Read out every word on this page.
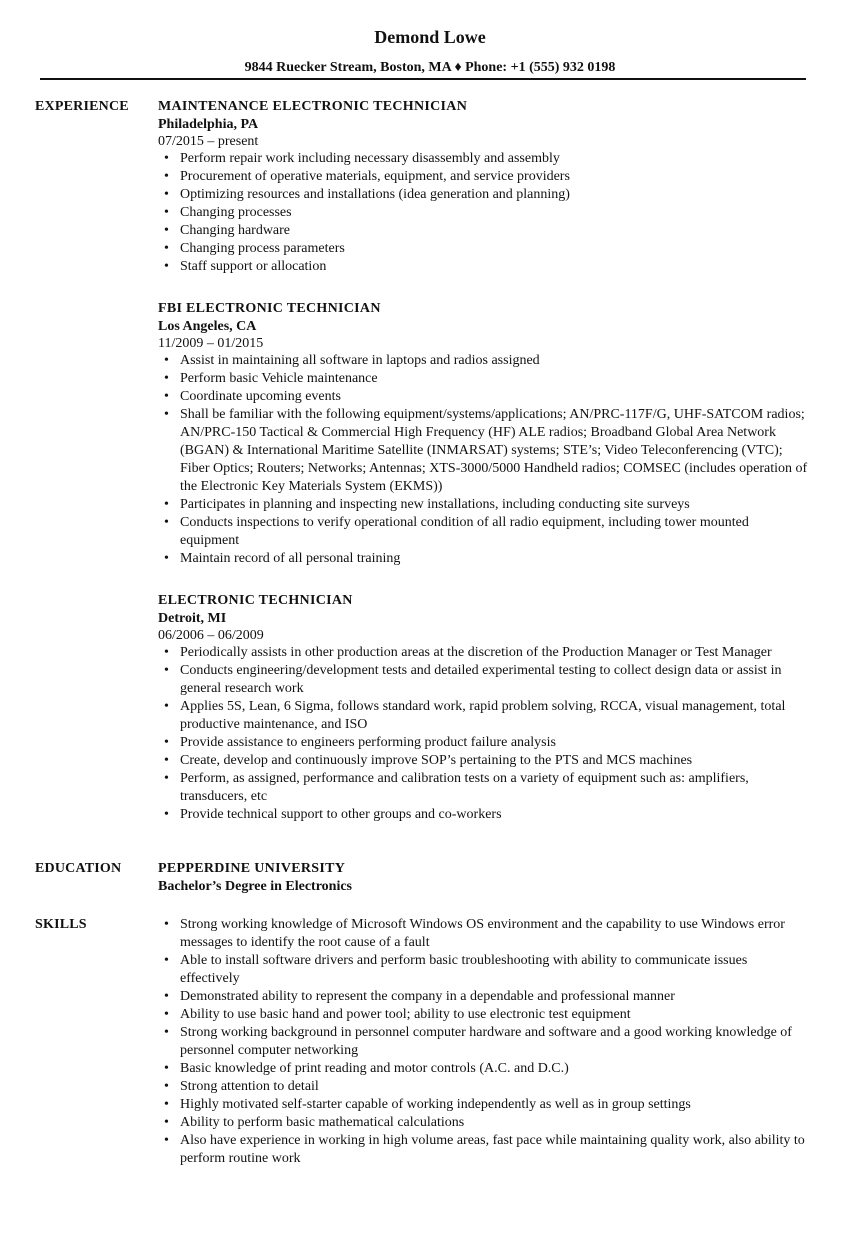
Demond Lowe
9844 Ruecker Stream, Boston, MA ♦ Phone: +1 (555) 932 0198
EXPERIENCE MAINTENANCE ELECTRONIC TECHNICIAN
Philadelphia, PA
07/2015 – present
• Perform repair work including necessary disassembly and assembly
• Procurement of operative materials, equipment, and service providers
• Optimizing resources and installations (idea generation and planning)
• Changing processes
• Changing hardware
• Changing process parameters
• Staff support or allocation
FBI ELECTRONIC TECHNICIAN
Los Angeles, CA
11/2009 – 01/2015
• Assist in maintaining all software in laptops and radios assigned
• Perform basic Vehicle maintenance
• Coordinate upcoming events
• Shall be familiar with the following equipment/systems/applications; AN/PRC-117F/G, UHF-SATCOM radios; AN/PRC-150 Tactical & Commercial High Frequency (HF) ALE radios; Broadband Global Area Network (BGAN) & International Maritime Satellite (INMARSAT) systems; STE’s; Video Teleconferencing (VTC); Fiber Optics; Routers; Networks; Antennas; XTS-3000/5000 Handheld radios; COMSEC (includes operation of the Electronic Key Materials System (EKMS))
• Participates in planning and inspecting new installations, including conducting site surveys
• Conducts inspections to verify operational condition of all radio equipment, including tower mounted equipment
• Maintain record of all personal training
ELECTRONIC TECHNICIAN
Detroit, MI
06/2006 – 06/2009
• Periodically assists in other production areas at the discretion of the Production Manager or Test Manager
• Conducts engineering/development tests and detailed experimental testing to collect design data or assist in general research work
• Applies 5S, Lean, 6 Sigma, follows standard work, rapid problem solving, RCCA, visual management, total productive maintenance, and ISO
• Provide assistance to engineers performing product failure analysis
• Create, develop and continuously improve SOP’s pertaining to the PTS and MCS machines
• Perform, as assigned, performance and calibration tests on a variety of equipment such as: amplifiers, transducers, etc
• Provide technical support to other groups and co-workers
EDUCATION	PEPPERDINE UNIVERSITY
Bachelor’s Degree in Electronics
SKILLS
•	Strong working knowledge of Microsoft Windows OS environment and the capability to use Windows error messages to identify the root cause of a fault
• Able to install software drivers and perform basic troubleshooting with ability to communicate issues effectively
• Demonstrated ability to represent the company in a dependable and professional manner
• Ability to use basic hand and power tool; ability to use electronic test equipment
• Strong working background in personnel computer hardware and software and a good working knowledge of personnel computer networking
• Basic knowledge of print reading and motor controls (A.C. and D.C.)
• Strong attention to detail
• Highly motivated self-starter capable of working independently as well as in group settings
• Ability to perform basic mathematical calculations
• Also have experience in working in high volume areas, fast pace while maintaining quality work, also ability to perform routine work
